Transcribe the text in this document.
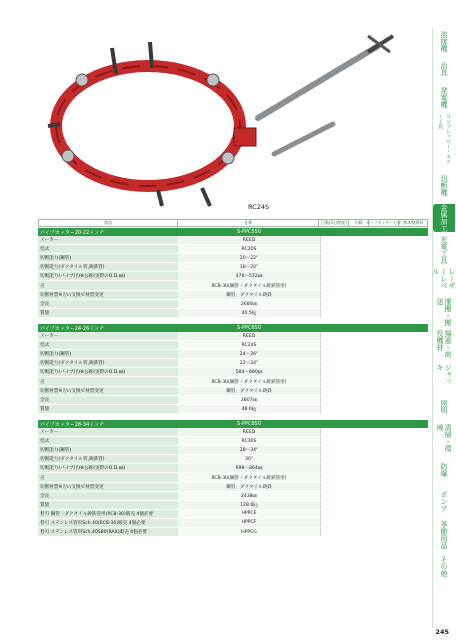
RC24S
商品	仕様	日数(3日程度)	円数 セーフティチーピオ 基本整備料
パイプカッター20-22インチ	S-PPC550
メーカー	REED
型式	RC20S
切断能力(鋼管)	20～22"
切断能力(ダクタイル管,鋳鉄管)	18～20"
切断能力(パイプ径)※公称(実際のO.D.㎜)	476～572㎜
刃	RC8-30(鋼管・ダクタイル鋳鉄管用)
切断材質※刃の交換で材質変更	鋼管、ダクタイル鋳鉄
全長	2680㎜
質量	40.5㎏
パイプカッター24-26インチ	S-PPC650
メーカー	REED
型式	RC24S
切断能力(鋼管)	24～26"
切断能力(ダクタイル管,鋳鉄管)	22～24"
切断能力(パイプ径)※公称(実際のO.D.㎜)	584～660㎜
刃	RC8-30(鋼管・ダクタイル鋳鉄管用)
切断材質※刃の交換で材質変更	鋼管、ダクタイル鋳鉄
全長	2807㎜
質量	48.6㎏
パイプカッター28-34インチ	S-PPC850
メーカー	REED
型式	RC30S
切断能力(鋼管)	28～34"
切断能力(ダクタイル管,鋳鉄管)	30"
切断能力(パイプ径)※公称(実際のO.D.㎜)	698～864㎜
刃	RC8-30(鋼管・ダクタイル鋳鉄管用)
切断材質※刃の交換で材質変更	鋼管、ダクタイル鋳鉄
全長	2438㎜
質量	128.6㎏
替刃 鋼管・ダクタイル鋳鉄管用(RC8-30)販売 4個必要	HPPCE
替刃 ステンレス管用Sch.40(RC8-36)販売 4個必要	HPPCF
替刃 ステンレス管用Sch.40S80(RAX)販売 4個必要	HPPCG
溶接機
治具
発電機
コンプレッサー・エアー工具
切断機
金属加工
充電工具
レーザーレベル
運搬・搬送
揚重・荷役機材
ジャッキ
照明
清掃・環境
防爆
ポンプ
季節用品
その他
245
